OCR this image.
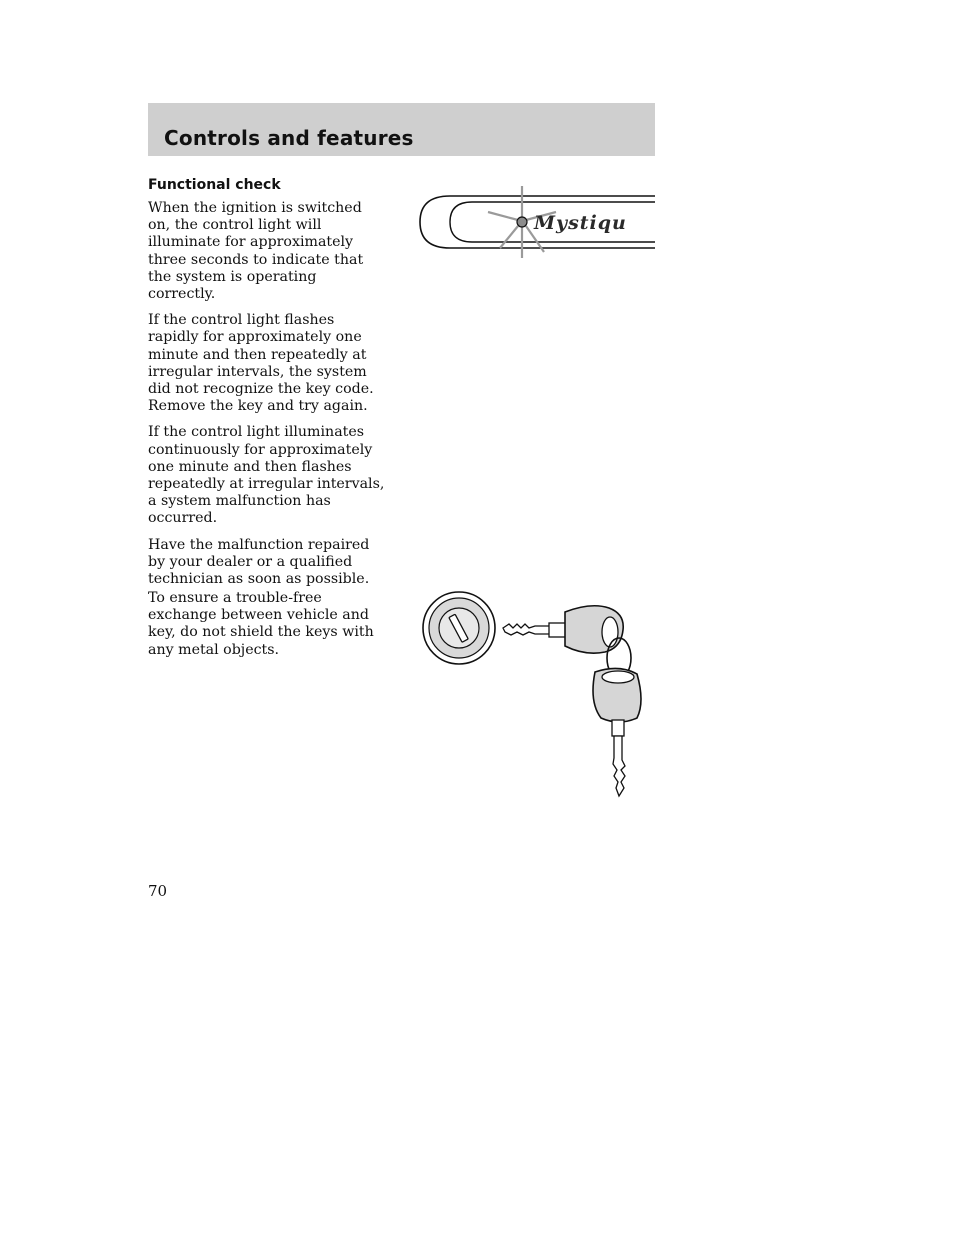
Controls and features
Functional check

When the ignition is switched on, the control light will illuminate for approximately three seconds to indicate that the system is operating correctly.

If the control light flashes rapidly for approximately one minute and then repeatedly at irregular intervals, the system did not recognize the key code. Remove the key and try again.

If the control light illuminates continuously for approximately one minute and then flashes repeatedly at irregular intervals, a system malfunction has occurred.

Have the malfunction repaired by your dealer or a qualified technician as soon as possible.

To ensure a trouble-free exchange between vehicle and key, do not shield the keys with any metal objects.

Mystiqu

70
